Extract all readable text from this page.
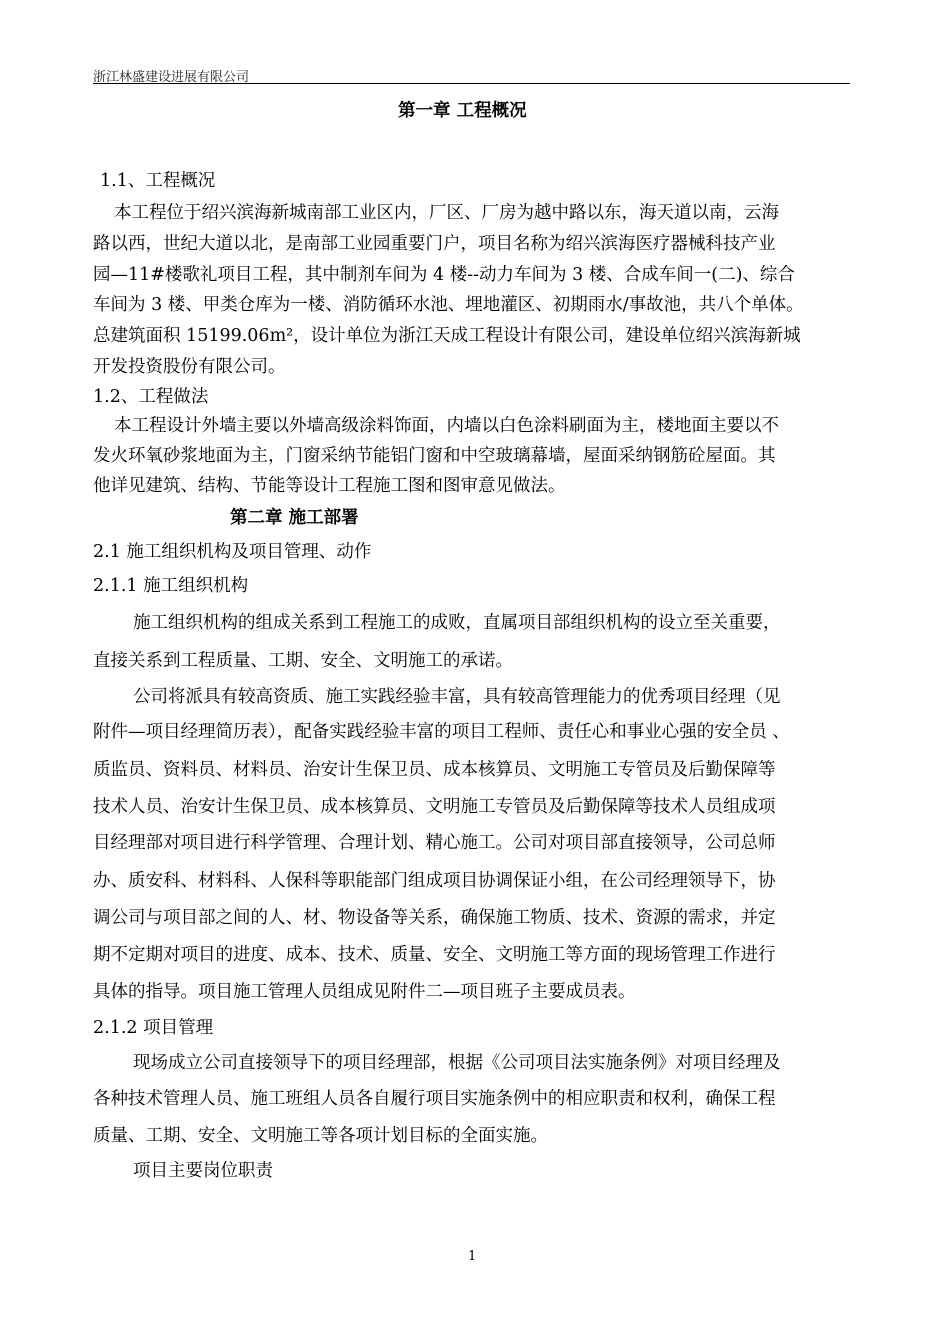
浙江林盛建设进展有限公司
第一章 工程概况
1.1、工程概况
本工程位于绍兴滨海新城南部工业区内，厂区、厂房为越中路以东，海天道以南，云海
路以西，世纪大道以北，是南部工业园重要门户，项目名称为绍兴滨海医疗器械科技产业
园—11#楼歌礼项目工程，其中制剂车间为 4 楼--动力车间为 3 楼、合成车间一(二)、综合
车间为 3 楼、甲类仓库为一楼、消防循环水池、埋地灌区、初期雨水/事故池，共八个单体。
总建筑面积 15199.06m²，设计单位为浙江天成工程设计有限公司，建设单位绍兴滨海新城
开发投资股份有限公司。
1.2、工程做法
本工程设计外墙主要以外墙高级涂料饰面，内墙以白色涂料刷面为主，楼地面主要以不
发火环氧砂浆地面为主，门窗采纳节能铝门窗和中空玻璃幕墙，屋面采纳钢筋砼屋面。其
他详见建筑、结构、节能等设计工程施工图和图审意见做法。
第二章 施工部署
2.1 施工组织机构及项目管理、动作
2.1.1 施工组织机构
施工组织机构的组成关系到工程施工的成败，直属项目部组织机构的设立至关重要，
直接关系到工程质量、工期、安全、文明施工的承诺。
公司将派具有较高资质、施工实践经验丰富，具有较高管理能力的优秀项目经理（见
附件—项目经理简历表），配备实践经验丰富的项目工程师、责任心和事业心强的安全员 、
质监员、资料员、材料员、治安计生保卫员、成本核算员、文明施工专管员及后勤保障等
技术人员、治安计生保卫员、成本核算员、文明施工专管员及后勤保障等技术人员组成项
目经理部对项目进行科学管理、合理计划、精心施工。公司对项目部直接领导，公司总师
办、质安科、材料科、人保科等职能部门组成项目协调保证小组，在公司经理领导下，协
调公司与项目部之间的人、材、物设备等关系，确保施工物质、技术、资源的需求，并定
期不定期对项目的进度、成本、技术、质量、安全、文明施工等方面的现场管理工作进行
具体的指导。项目施工管理人员组成见附件二—项目班子主要成员表。
2.1.2 项目管理
现场成立公司直接领导下的项目经理部，根据《公司项目法实施条例》对项目经理及
各种技术管理人员、施工班组人员各自履行项目实施条例中的相应职责和权利，确保工程
质量、工期、安全、文明施工等各项计划目标的全面实施。
项目主要岗位职责
1
